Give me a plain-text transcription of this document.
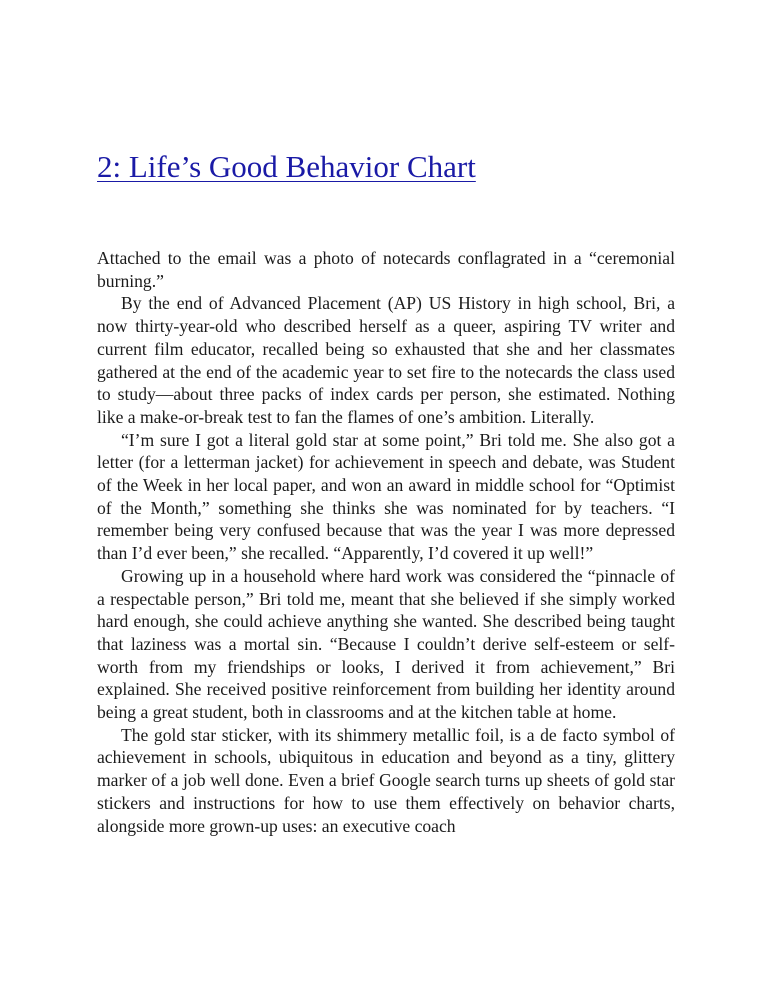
2: Life’s Good Behavior Chart

Attached to the email was a photo of notecards conflagrated in a “ceremonial burning.”

By the end of Advanced Placement (AP) US History in high school, Bri, a now thirty-year-old who described herself as a queer, aspiring TV writer and current film educator, recalled being so exhausted that she and her classmates gathered at the end of the academic year to set fire to the notecards the class used to study—about three packs of index cards per person, she estimated. Nothing like a make-or-break test to fan the flames of one’s ambition. Literally.

“I’m sure I got a literal gold star at some point,” Bri told me. She also got a letter (for a letterman jacket) for achievement in speech and debate, was Student of the Week in her local paper, and won an award in middle school for “Optimist of the Month,” something she thinks she was nominated for by teachers. “I remember being very confused because that was the year I was more depressed than I’d ever been,” she recalled. “Apparently, I’d covered it up well!”

Growing up in a household where hard work was considered the “pinnacle of a respectable person,” Bri told me, meant that she believed if she simply worked hard enough, she could achieve anything she wanted. She described being taught that laziness was a mortal sin. “Because I couldn’t derive self-esteem or self-worth from my friendships or looks, I derived it from achievement,” Bri explained. She received positive reinforcement from building her identity around being a great student, both in classrooms and at the kitchen table at home.

The gold star sticker, with its shimmery metallic foil, is a de facto symbol of achievement in schools, ubiquitous in education and beyond as a tiny, glittery marker of a job well done. Even a brief Google search turns up sheets of gold star stickers and instructions for how to use them effectively on behavior charts, alongside more grown-up uses: an executive coach
